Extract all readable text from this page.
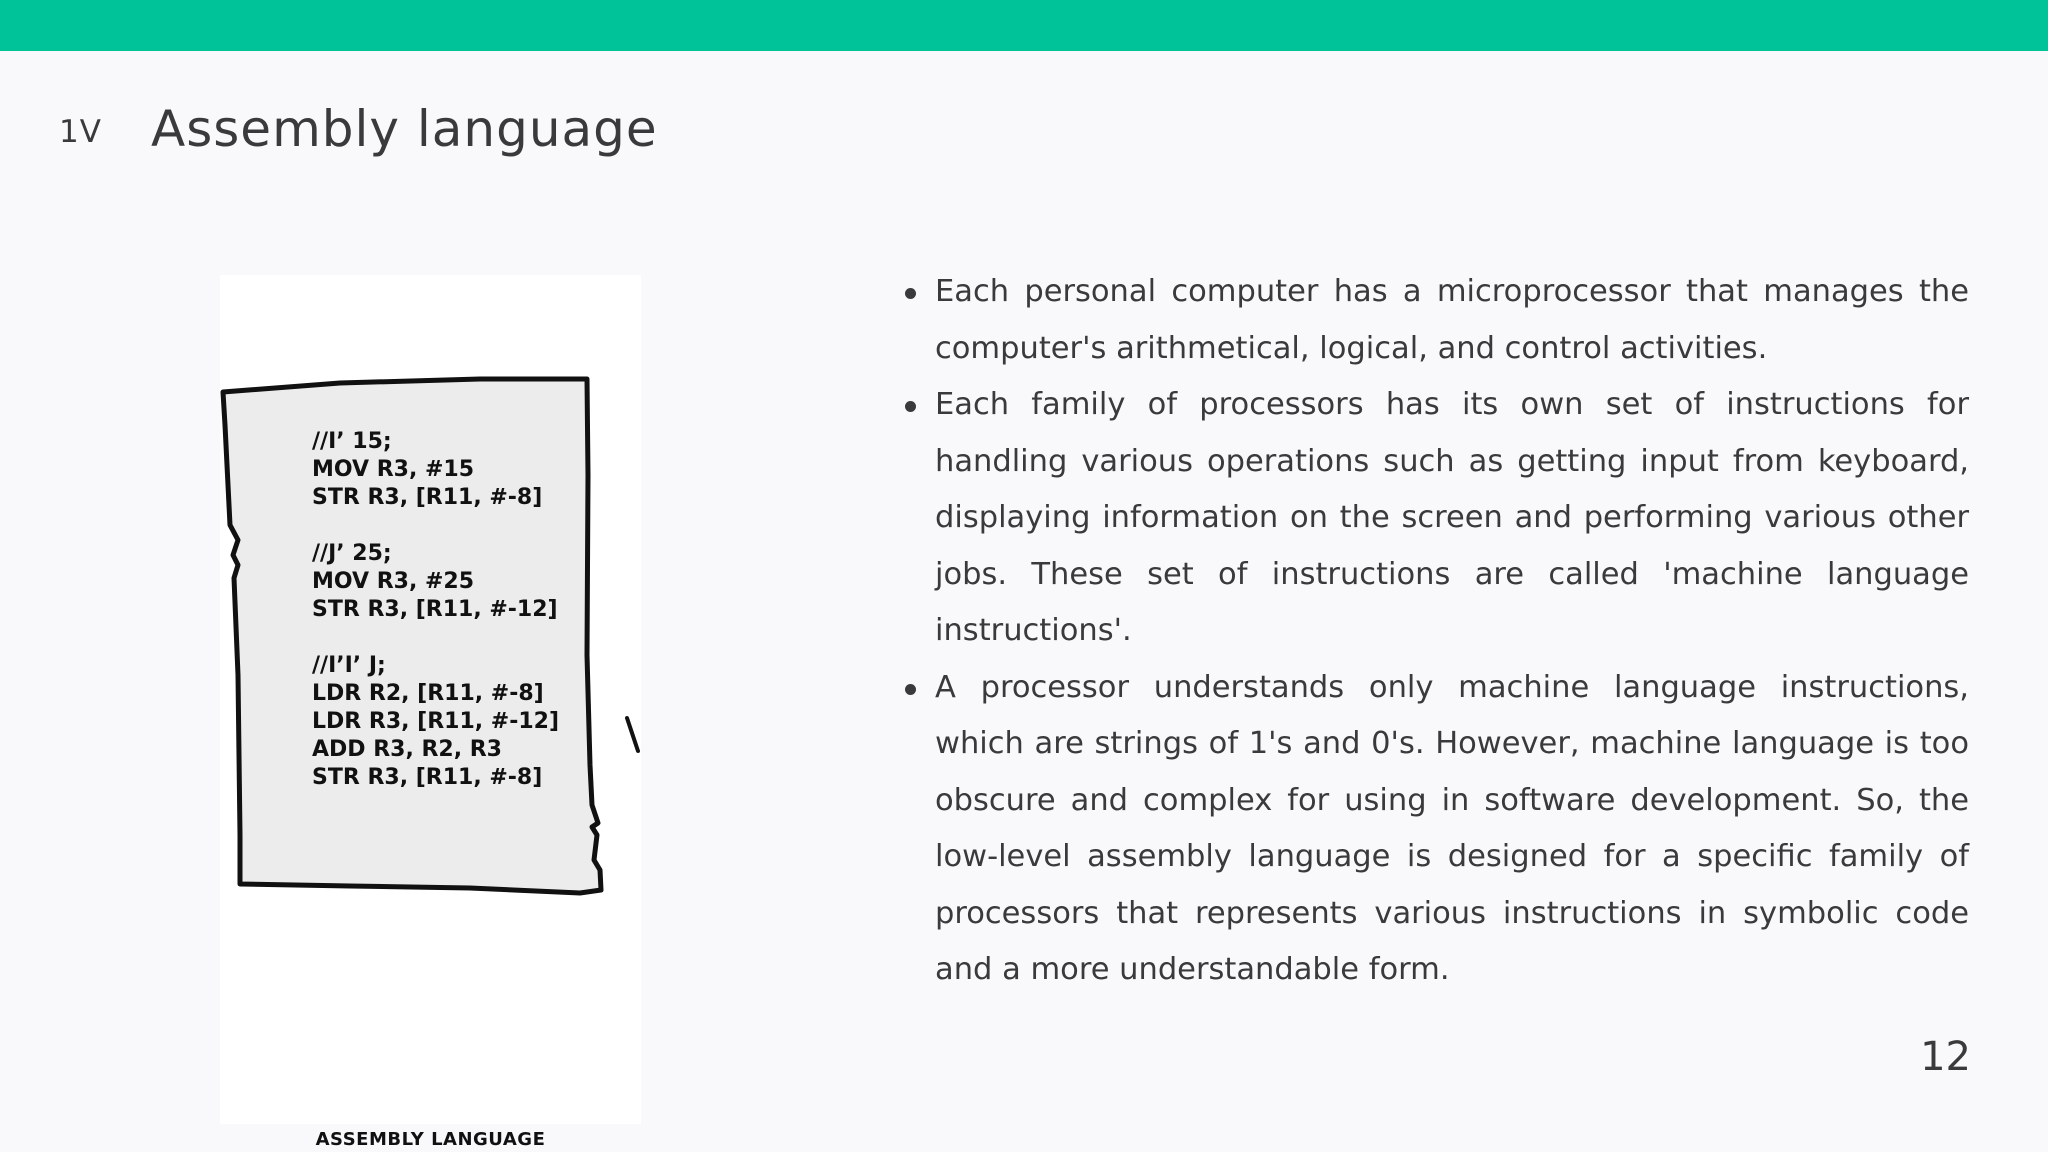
1V Assembly language
//I’ 15;
MOV R3, #15
STR R3, [R11, #-8]
//J’ 25;
MOV R3, #25
STR R3, [R11, #-12]
//I’I’ J;
LDR R2, [R11, #-8]
LDR R3, [R11, #-12]
ADD R3, R2, R3
STR R3, [R11, #-8]
ASSEMBLY LANGUAGE
Each personal computer has a microprocessor that manages the computer's arithmetical, logical, and control activities.
Each family of processors has its own set of instructions for handling various operations such as getting input from keyboard, displaying information on the screen and performing various other jobs. These set of instructions are called 'machine language instructions'.
A processor understands only machine language instructions, which are strings of 1's and 0's. However, machine language is too obscure and complex for using in software development. So, the low-level assembly language is designed for a specific family of processors that represents various instructions in symbolic code and a more understandable form.
12
